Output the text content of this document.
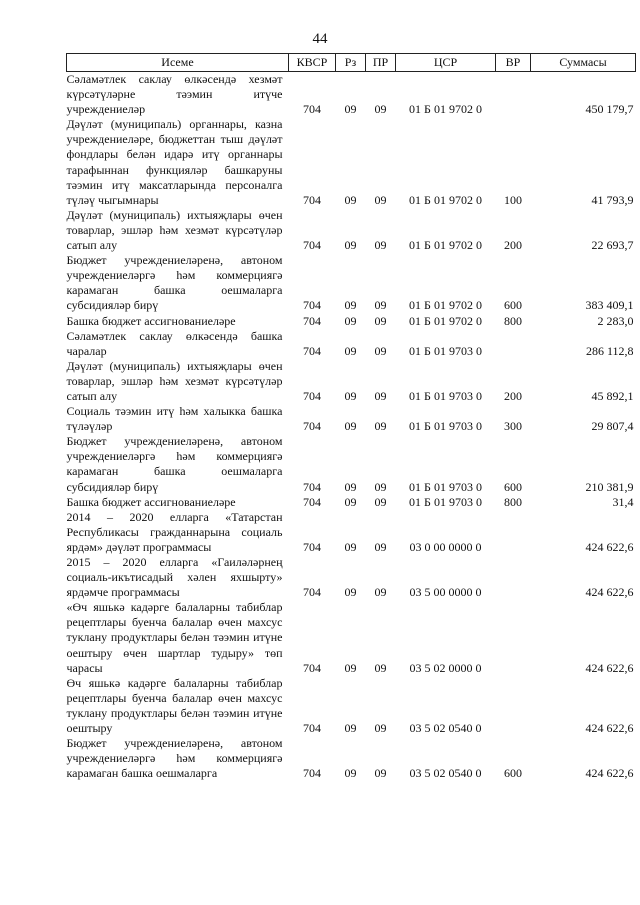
44
Исеме	КВСР	Рз	ПР	ЦСР	ВР	Суммасы
Сәламәтлек саклау өлкәсендә хезмәт күрсәтүләрне тәэмин итүче учреждениеләр	704	09	09	01 Б 01 9702 0		450 179,7
Дәүләт (муниципаль) органнары, казна учреждениеләре, бюджеттан тыш дәүләт фондлары белән идарә итү органнары тарафыннан функцияләр башкаруны тәэмин итү максатларында персоналга түләү чыгымнары	704	09	09	01 Б 01 9702 0	100	41 793,9
Дәүләт (муниципаль) ихтыяҗлары өчен товарлар, эшләр һәм хезмәт күрсәтүләр сатып алу	704	09	09	01 Б 01 9702 0	200	22 693,7
Бюджет учреждениеләренә, автоном учреждениеләргә һәм коммерциягә карамаган башка оешмаларга субсидияләр бирү	704	09	09	01 Б 01 9702 0	600	383 409,1
Башка бюджет ассигнованиеләре	704	09	09	01 Б 01 9702 0	800	2 283,0
Сәламәтлек саклау өлкәсендә башка чаралар	704	09	09	01 Б 01 9703 0		286 112,8
Дәүләт (муниципаль) ихтыяҗлары өчен товарлар, эшләр һәм хезмәт күрсәтүләр сатып алу	704	09	09	01 Б 01 9703 0	200	45 892,1
Социаль тәэмин итү һәм халыкка башка түләүләр	704	09	09	01 Б 01 9703 0	300	29 807,4
Бюджет учреждениеләренә, автоном учреждениеләргә һәм коммерциягә карамаган башка оешмаларга субсидияләр бирү	704	09	09	01 Б 01 9703 0	600	210 381,9
Башка бюджет ассигнованиеләре	704	09	09	01 Б 01 9703 0	800	31,4
2014 – 2020 елларга «Татарстан Республикасы гражданнарына социаль ярдәм» дәүләт программасы	704	09	09	03 0 00 0000 0		424 622,6
2015 – 2020 елларга «Гаиләләрнең социаль-икътисадый хәлен яхшырту» ярдәмче программасы	704	09	09	03 5 00 0000 0		424 622,6
«Өч яшькә кадәрге балаларны табиблар рецептлары буенча балалар өчен махсус туклану продуктлары белән тәэмин итүне оештыру өчен шартлар тудыру» төп чарасы	704	09	09	03 5 02 0000 0		424 622,6
Өч яшькә кадәрге балаларны табиблар рецептлары буенча балалар өчен махсус туклану продуктлары белән тәэмин итүне оештыру	704	09	09	03 5 02 0540 0		424 622,6
Бюджет учреждениеләренә, автоном учреждениеләргә һәм коммерциягә карамаган башка оешмаларга	704	09	09	03 5 02 0540 0	600	424 622,6
